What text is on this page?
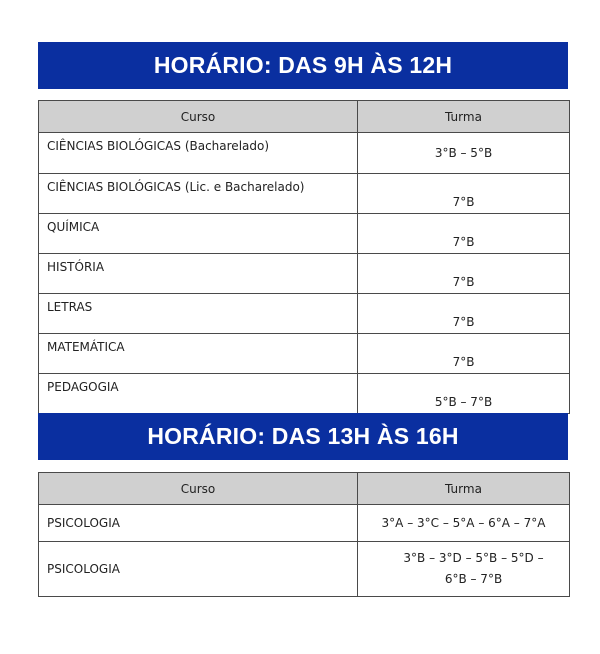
HORÁRIO: DAS 9H ÀS 12H
Curso	Turma
CIÊNCIAS BIOLÓGICAS (Bacharelado)	3°B – 5°B
CIÊNCIAS BIOLÓGICAS (Lic. e Bacharelado)	7°B
QUÍMICA	7°B
HISTÓRIA	7°B
LETRAS	7°B
MATEMÁTICA	7°B
PEDAGOGIA	5°B – 7°B
HORÁRIO: DAS 13H ÀS 16H
Curso	Turma
PSICOLOGIA	3°A – 3°C – 5°A – 6°A – 7°A
PSICOLOGIA	3°B – 3°D – 5°B – 5°D –
6°B – 7°B
